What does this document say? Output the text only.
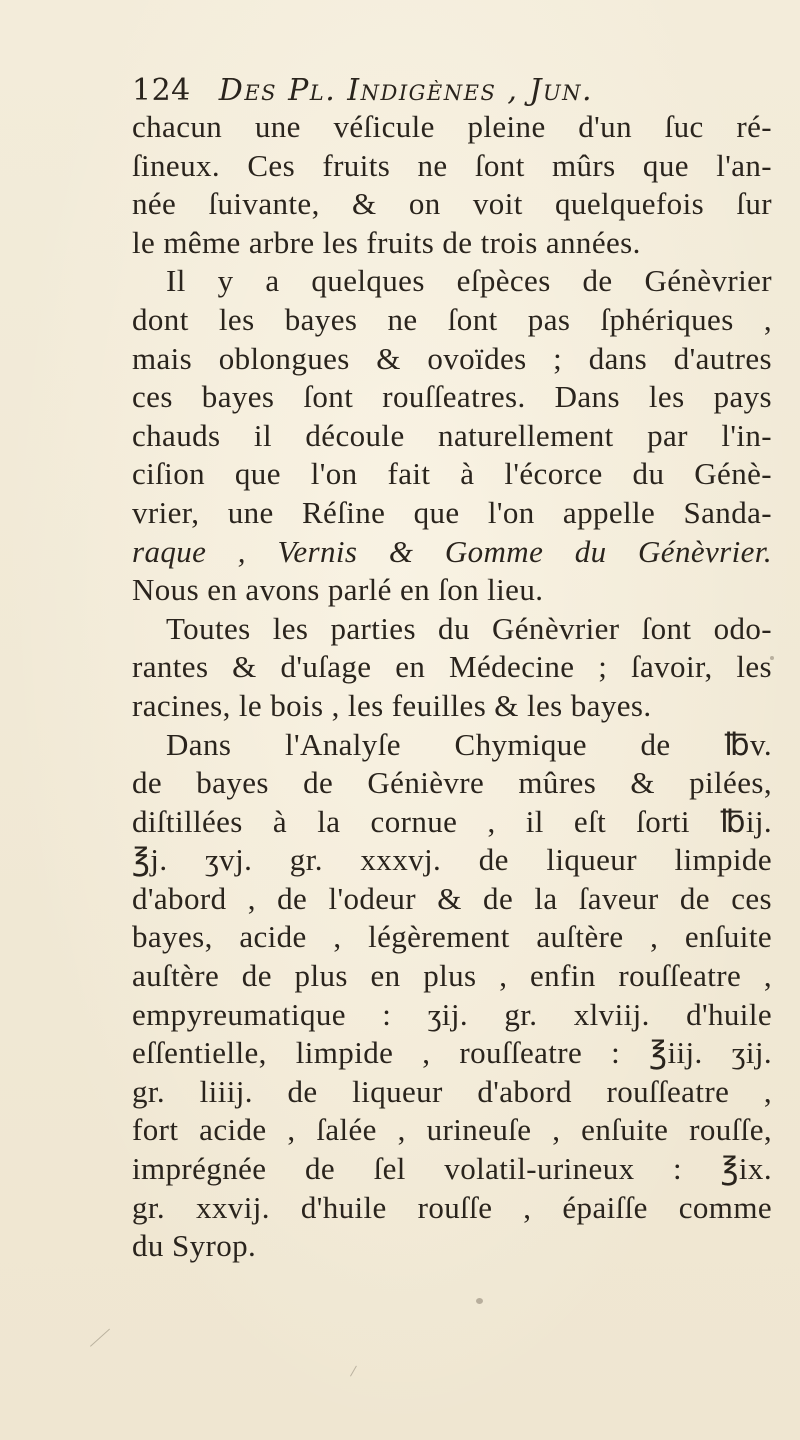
124 Des Pl. Indigènes , Jun.
chacun une véſicule pleine d'un ſuc ré-
ſineux. Ces fruits ne ſont mûrs que l'an-
née ſuivante, & on voit quelquefois ſur
le même arbre les fruits de trois années.
Il y a quelques eſpèces de Génèvrier
dont les bayes ne ſont pas ſphériques ,
mais oblongues & ovoïdes ; dans d'autres
ces bayes ſont rouſſeatres. Dans les pays
chauds il découle naturellement par l'in-
ciſion que l'on fait à l'écorce du Génè-
vrier, une Réſine que l'on appelle Sanda-
raque , Vernis & Gomme du Génèvrier.
Nous en avons parlé en ſon lieu.
Toutes les parties du Génèvrier ſont odo-
rantes & d'uſage en Médecine ; ſavoir, les
racines, le bois , les feuilles & les bayes.
Dans l'Analyſe Chymique de ℔v.
de bayes de Génièvre mûres & pilées,
diſtillées à la cornue , il eſt ſorti ℔ij.
℥j. ʒvj. gr. xxxvj. de liqueur limpide
d'abord , de l'odeur & de la ſaveur de ces
bayes, acide , légèrement auſtère , enſuite
auſtère de plus en plus , enfin rouſſeatre ,
empyreumatique : ʒij. gr. xlviij. d'huile
eſſentielle, limpide , rouſſeatre : ℥iij. ʒij.
gr. liiij. de liqueur d'abord rouſſeatre ,
fort acide , ſalée , urineuſe , enſuite rouſſe,
imprégnée de ſel volatil-urineux : ℥ix.
gr. xxvij. d'huile rouſſe , épaiſſe comme
du Syrop.
